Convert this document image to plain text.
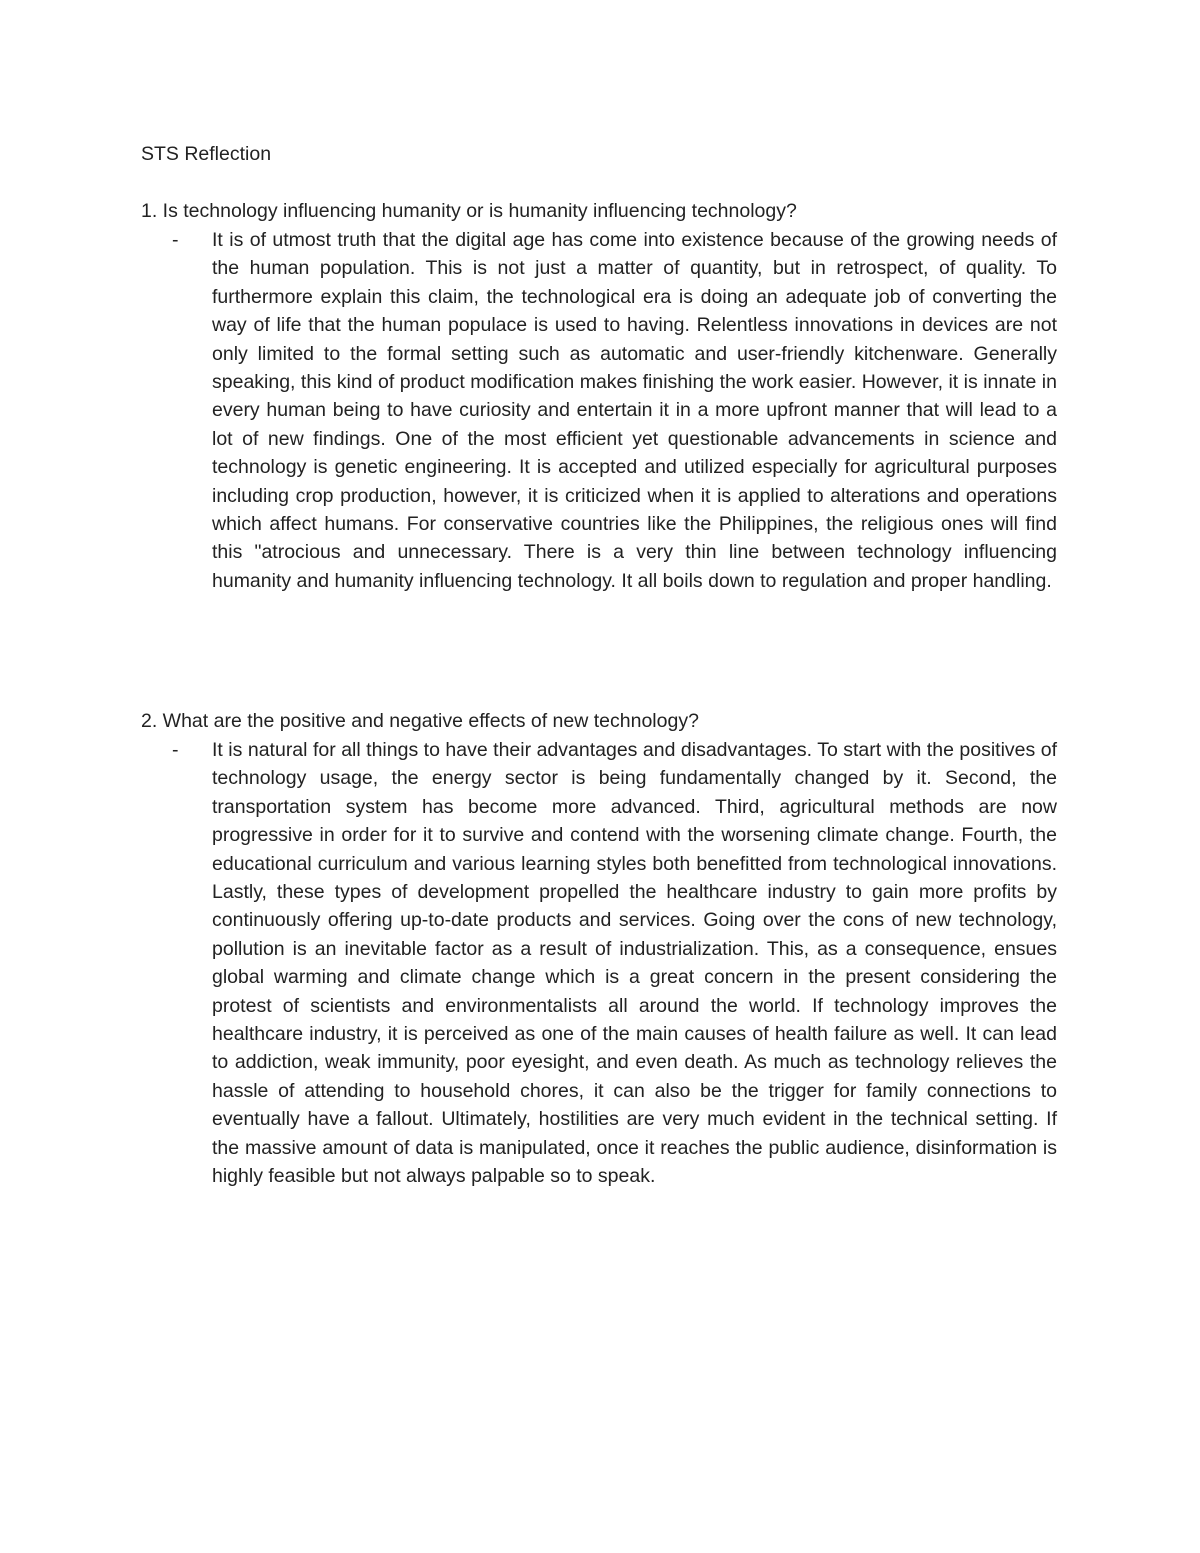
STS Reflection

1. Is technology influencing humanity or is humanity influencing technology?

- It is of utmost truth that the digital age has come into existence because of the growing needs of the human population. This is not just a matter of quantity, but in retrospect, of quality. To furthermore explain this claim, the technological era is doing an adequate job of converting the way of life that the human populace is used to having. Relentless innovations in devices are not only limited to the formal setting such as automatic and user-friendly kitchenware. Generally speaking, this kind of product modification makes finishing the work easier. However, it is innate in every human being to have curiosity and entertain it in a more upfront manner that will lead to a lot of new findings. One of the most efficient yet questionable advancements in science and technology is genetic engineering. It is accepted and utilized especially for agricultural purposes including crop production, however, it is criticized when it is applied to alterations and operations which affect humans. For conservative countries like the Philippines, the religious ones will find this "atrocious and unnecessary. There is a very thin line between technology influencing humanity and humanity influencing technology. It all boils down to regulation and proper handling.

2. What are the positive and negative effects of new technology?

- It is natural for all things to have their advantages and disadvantages. To start with the positives of technology usage, the energy sector is being fundamentally changed by it. Second, the transportation system has become more advanced. Third, agricultural methods are now progressive in order for it to survive and contend with the worsening climate change. Fourth, the educational curriculum and various learning styles both benefitted from technological innovations. Lastly, these types of development propelled the healthcare industry to gain more profits by continuously offering up-to-date products and services. Going over the cons of new technology, pollution is an inevitable factor as a result of industrialization. This, as a consequence, ensues global warming and climate change which is a great concern in the present considering the protest of scientists and environmentalists all around the world. If technology improves the healthcare industry, it is perceived as one of the main causes of health failure as well. It can lead to addiction, weak immunity, poor eyesight, and even death. As much as technology relieves the hassle of attending to household chores, it can also be the trigger for family connections to eventually have a fallout. Ultimately, hostilities are very much evident in the technical setting. If the massive amount of data is manipulated, once it reaches the public audience, disinformation is highly feasible but not always palpable so to speak.
